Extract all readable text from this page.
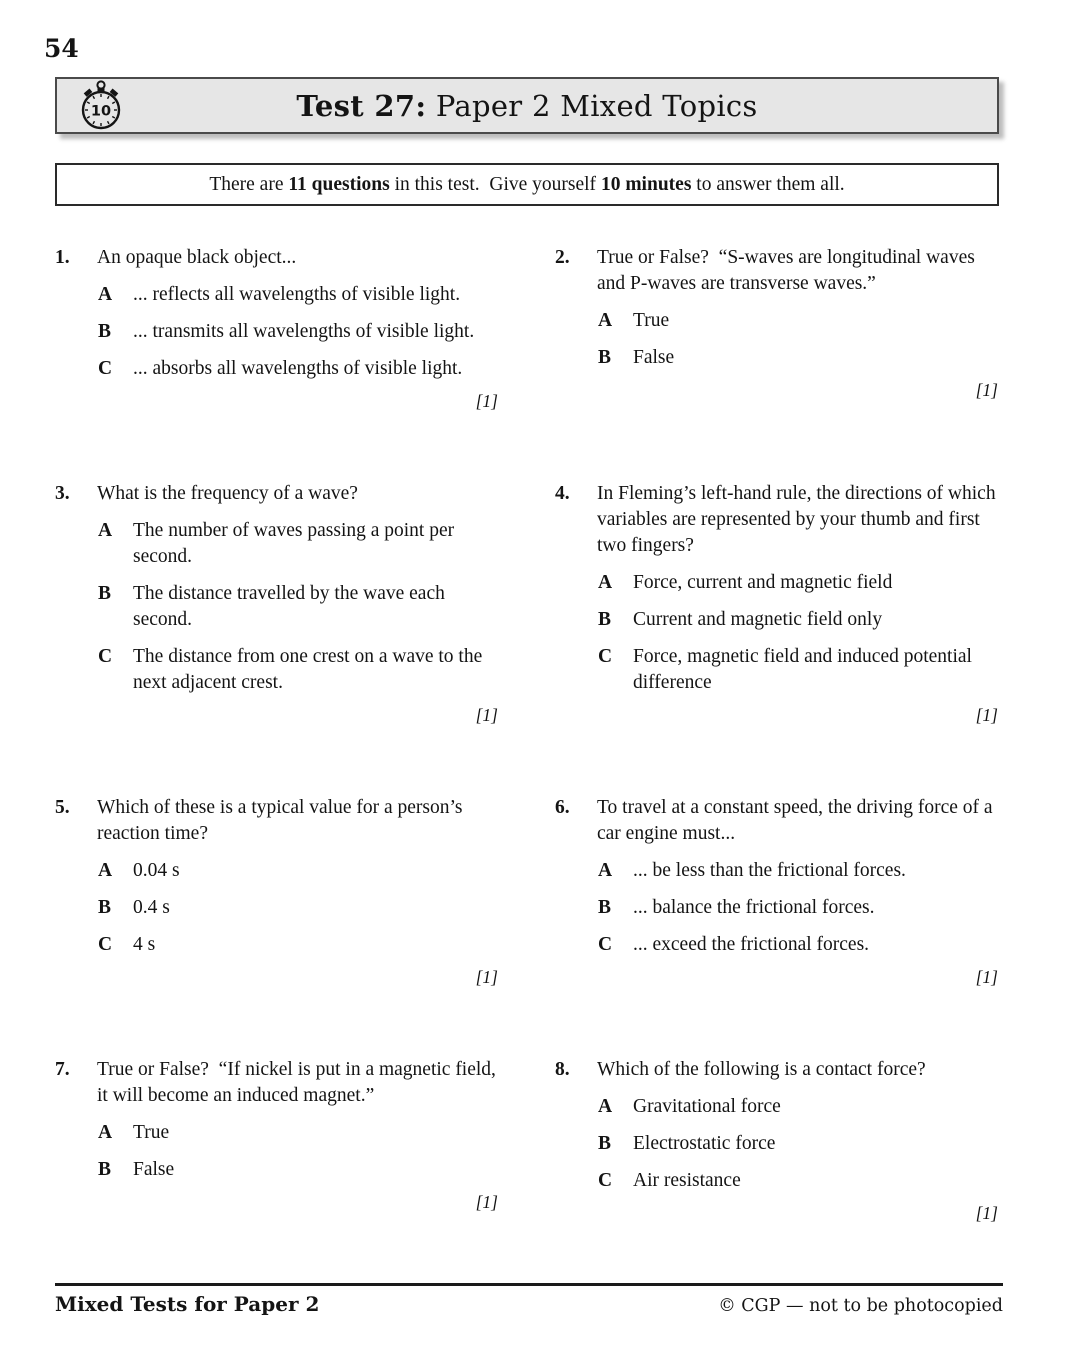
54
10	Test 27: Paper 2 Mixed Topics
There are 11 questions in this test.  Give yourself 10 minutes to answer them all.
1.	An opaque black object...
A	... reflects all wavelengths of visible light.
B	... transmits all wavelengths of visible light.
C	... absorbs all wavelengths of visible light.
[1]
2.	True or False?  “S-waves are longitudinal waves and P-waves are transverse waves.”
A	True
B	False
[1]
3.	What is the frequency of a wave?
A	The number of waves passing a point per second.
B	The distance travelled by the wave each second.
C	The distance from one crest on a wave to the next adjacent crest.
[1]
4.	In Fleming’s left-hand rule, the directions of which variables are represented by your thumb and first two fingers?
A	Force, current and magnetic field
B	Current and magnetic field only
C	Force, magnetic field and induced potential difference
[1]
5.	Which of these is a typical value for a person’s reaction time?
A	0.04 s
B	0.4 s
C	4 s
[1]
6.	To travel at a constant speed, the driving force of a car engine must...
A	... be less than the frictional forces.
B	... balance the frictional forces.
C	... exceed the frictional forces.
[1]
7.	True or False?  “If nickel is put in a magnetic field, it will become an induced magnet.”
A	True
B	False
[1]
8.	Which of the following is a contact force?
A	Gravitational force
B	Electrostatic force
C	Air resistance
[1]
Mixed Tests for Paper 2	© CGP — not to be photocopied
